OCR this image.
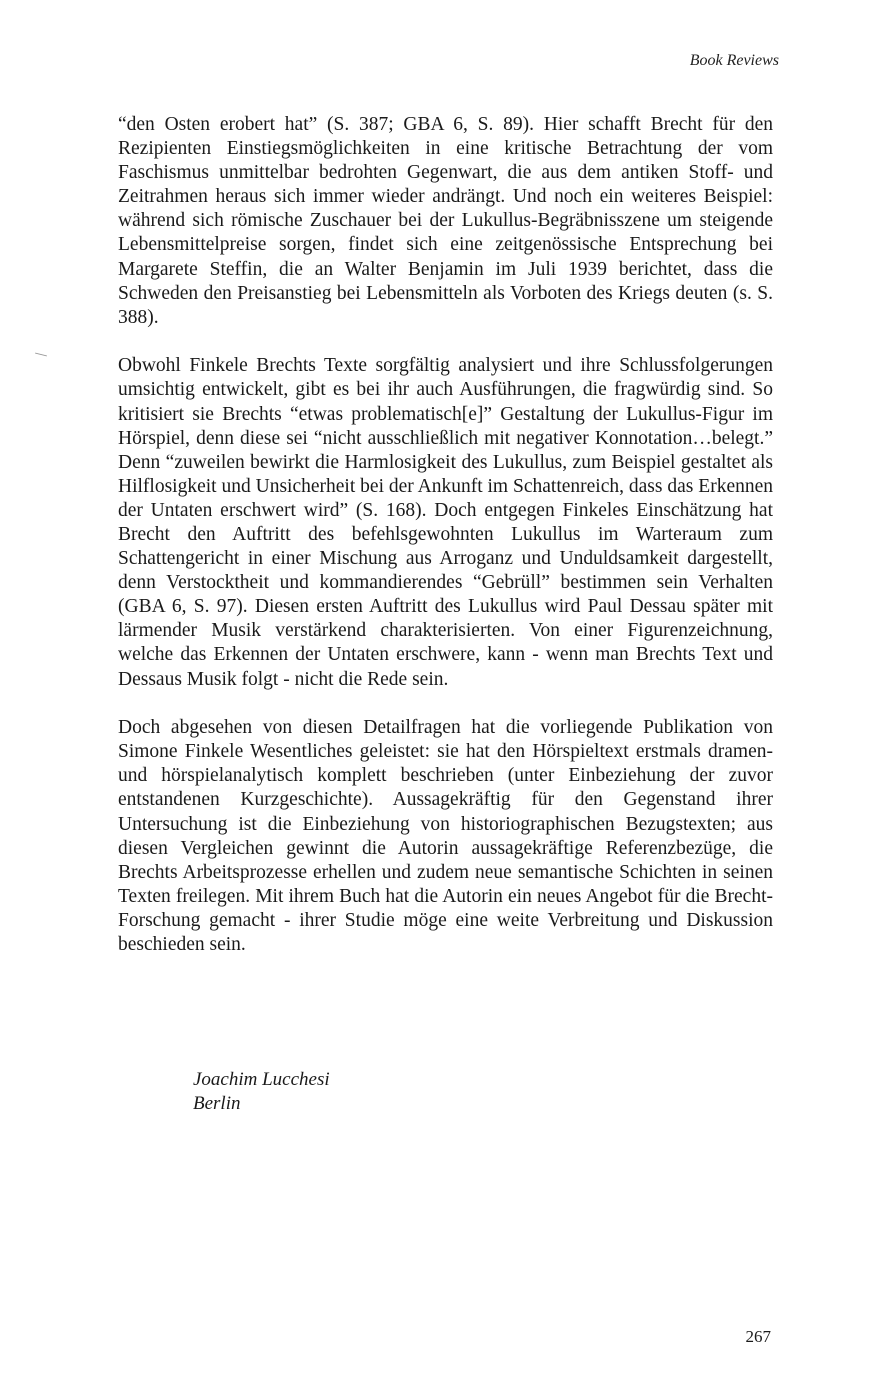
Book Reviews

“den Osten erobert hat” (S. 387; GBA 6, S. 89). Hier schafft Brecht für den Rezipienten Einstiegsmöglichkeiten in eine kritische Betrachtung der vom Faschismus unmittelbar bedrohten Gegenwart, die aus dem antiken Stoff- und Zeitrahmen heraus sich immer wieder andrängt. Und noch ein weiteres Beispiel: während sich römische Zuschauer bei der Lukullus-Begräbnisszene um steigende Lebensmittelpreise sorgen, findet sich eine zeitgenössische Entsprechung bei Margarete Steffin, die an Walter Benjamin im Juli 1939 berichtet, dass die Schweden den Preisanstieg bei Lebensmitteln als Vorboten des Kriegs deuten (s. S. 388).

Obwohl Finkele Brechts Texte sorgfältig analysiert und ihre Schlussfolgerungen umsichtig entwickelt, gibt es bei ihr auch Ausführungen, die fragwürdig sind. So kritisiert sie Brechts “etwas problematisch[e]” Gestaltung der Lukullus-Figur im Hörspiel, denn diese sei “nicht ausschließlich mit negativer Konnotation…belegt.” Denn “zuweilen bewirkt die Harmlosigkeit des Lukullus, zum Beispiel gestaltet als Hilflosigkeit und Unsicherheit bei der Ankunft im Schattenreich, dass das Erkennen der Untaten erschwert wird” (S. 168). Doch entgegen Finkeles Einschätzung hat Brecht den Auftritt des befehlsgewohnten Lukullus im Warteraum zum Schattengericht in einer Mischung aus Arroganz und Unduldsamkeit dargestellt, denn Verstocktheit und kommandierendes “Gebrüll” bestimmen sein Verhalten (GBA 6, S. 97). Diesen ersten Auftritt des Lukullus wird Paul Dessau später mit lärmender Musik verstärkend charakterisierten. Von einer Figurenzeichnung, welche das Erkennen der Untaten erschwere, kann - wenn man Brechts Text und Dessaus Musik folgt - nicht die Rede sein.

Doch abgesehen von diesen Detailfragen hat die vorliegende Publikation von Simone Finkele Wesentliches geleistet: sie hat den Hörspieltext erstmals dramen- und hörspielanalytisch komplett beschrieben (unter Einbeziehung der zuvor entstandenen Kurzgeschichte). Aussagekräftig für den Gegenstand ihrer Untersuchung ist die Einbeziehung von historiographischen Bezugstexten; aus diesen Vergleichen gewinnt die Autorin aussagekräftige Referenzbezüge, die Brechts Arbeitsprozesse erhellen und zudem neue semantische Schichten in seinen Texten freilegen. Mit ihrem Buch hat die Autorin ein neues Angebot für die Brecht-Forschung gemacht - ihrer Studie möge eine weite Verbreitung und Diskussion beschieden sein.

Joachim Lucchesi
Berlin
267
